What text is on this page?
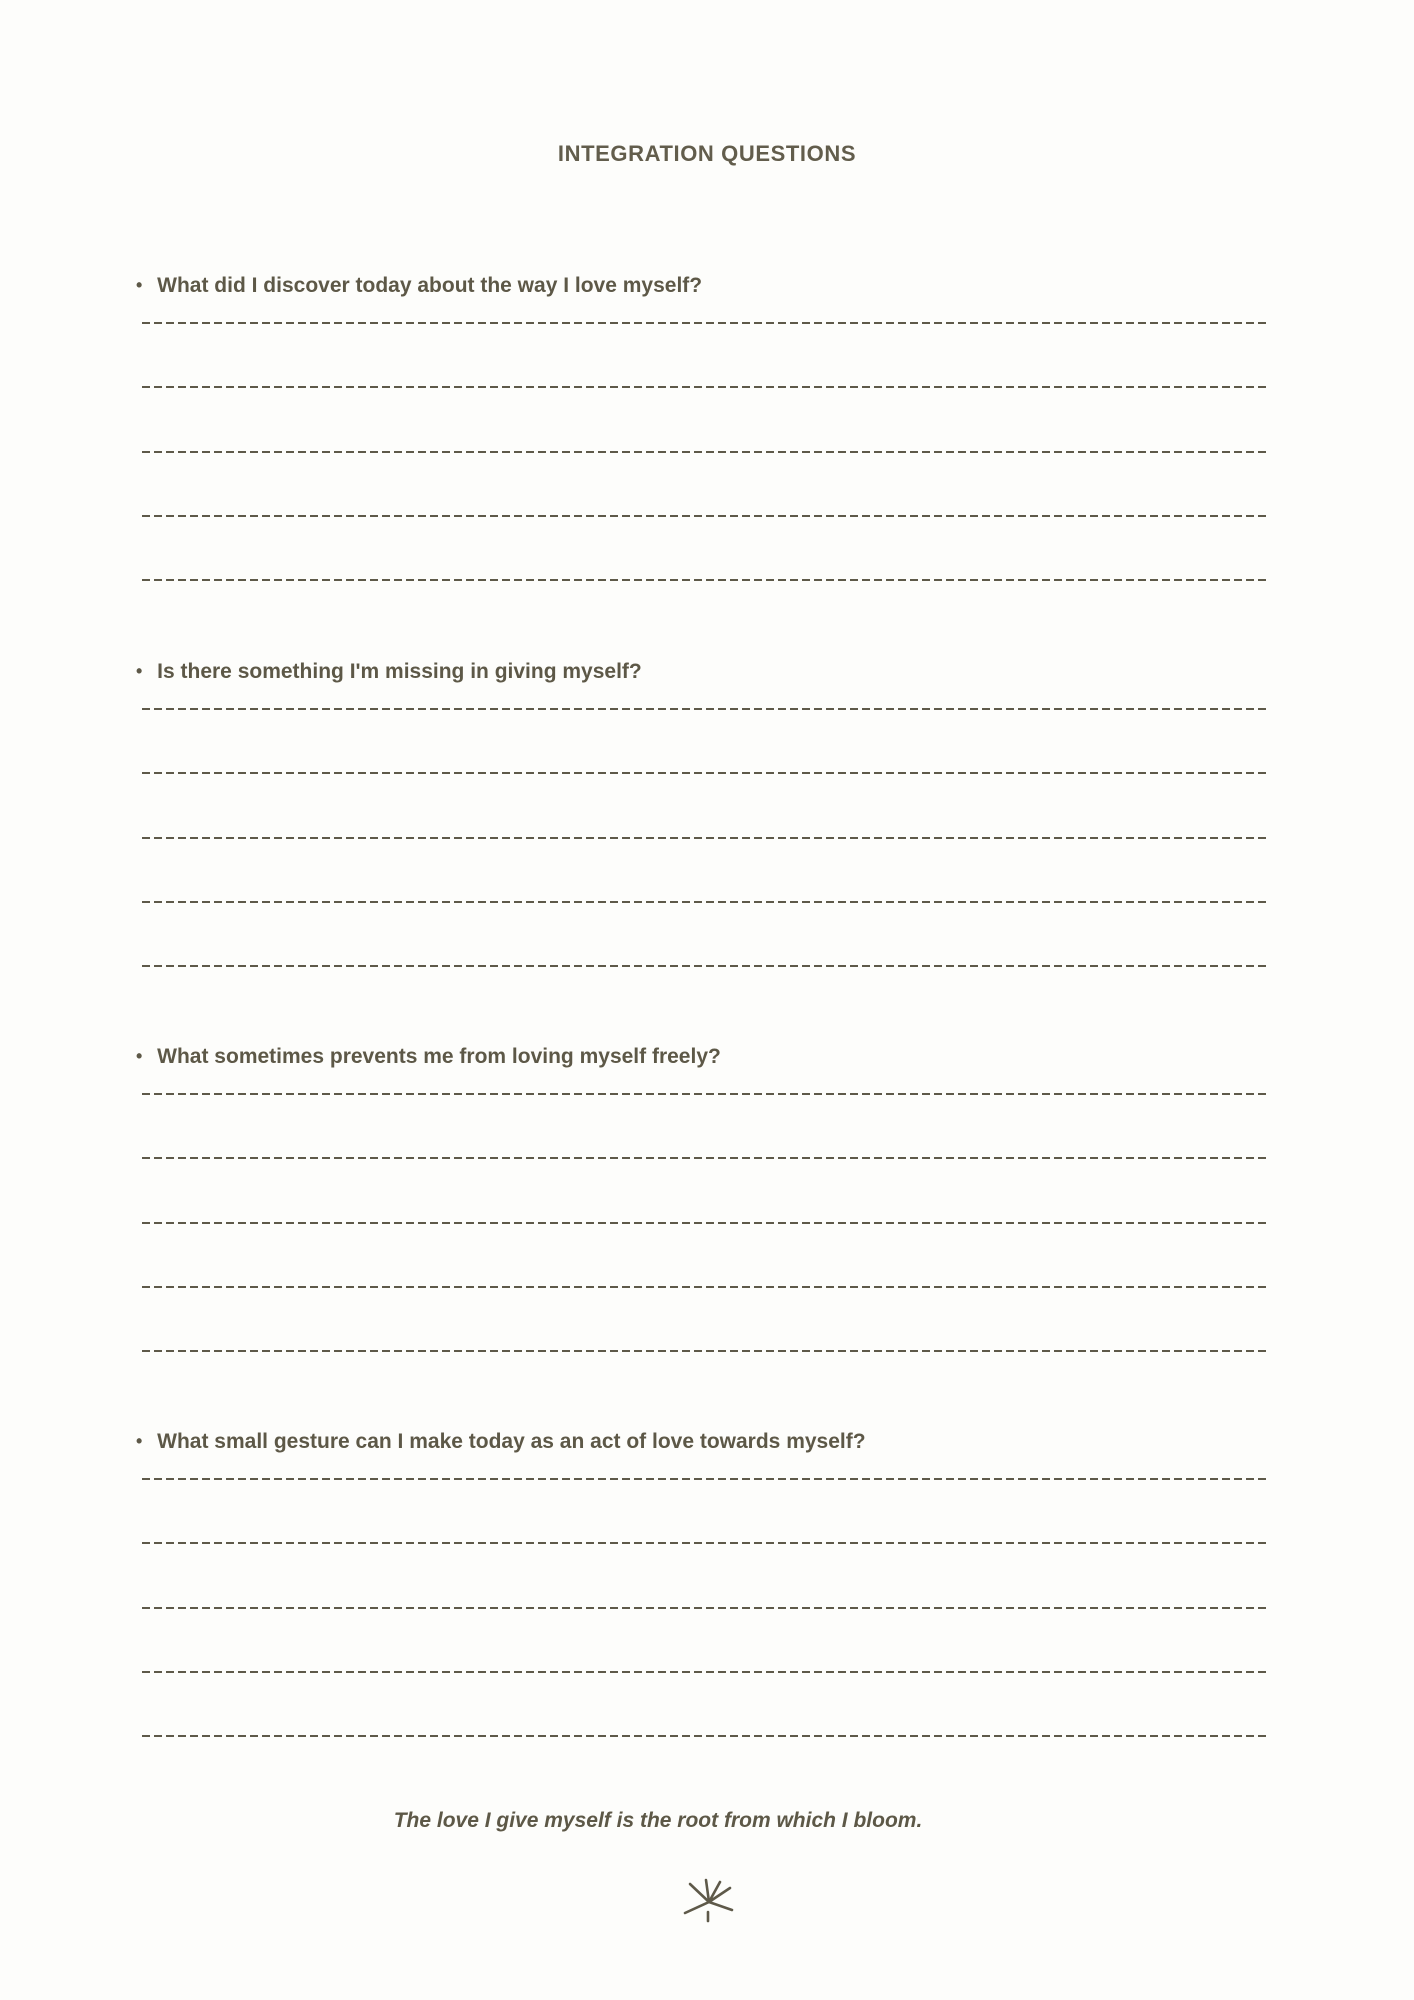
INTEGRATION QUESTIONS

• What did I discover today about the way I love myself?

• Is there something I'm missing in giving myself?

• What sometimes prevents me from loving myself freely?

• What small gesture can I make today as an act of love towards myself?

The love I give myself is the root from which I bloom.
